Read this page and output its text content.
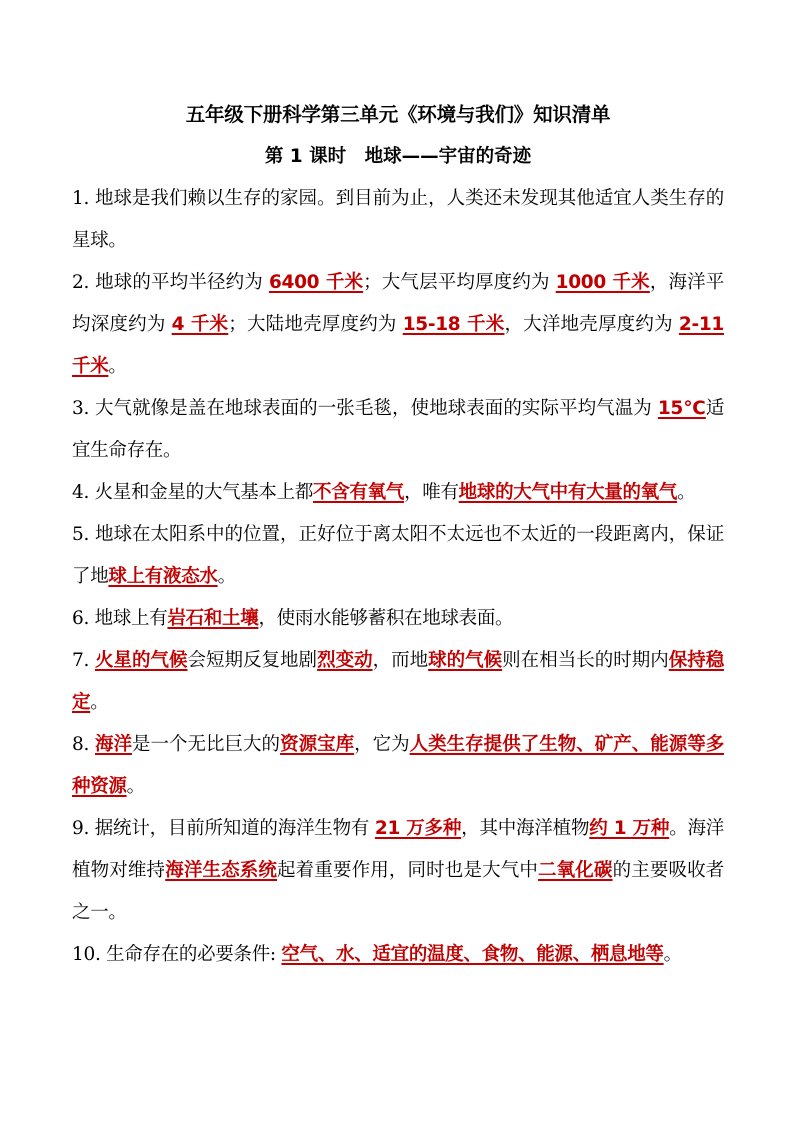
五年级下册科学第三单元《环境与我们》知识清单
第 1 课时　地球——宇宙的奇迹
1. 地球是我们赖以生存的家园。到目前为止，人类还未发现其他适宜人类生存的星球。
2. 地球的平均半径约为 6400 千米；大气层平均厚度约为 1000 千米，海洋平均深度约为 4 千米；大陆地壳厚度约为 15-18 千米，大洋地壳厚度约为 2-11 千米。
3. 大气就像是盖在地球表面的一张毛毯，使地球表面的实际平均气温为 15℃适宜生命存在。
4. 火星和金星的大气基本上都不含有氧气，唯有地球的大气中有大量的氧气。
5. 地球在太阳系中的位置，正好位于离太阳不太远也不太近的一段距离内，保证了地球上有液态水。
6. 地球上有岩石和土壤，使雨水能够蓄积在地球表面。
7. 火星的气候会短期反复地剧烈变动，而地球的气候则在相当长的时期内保持稳定。
8. 海洋是一个无比巨大的资源宝库，它为人类生存提供了生物、矿产、能源等多种资源。
9. 据统计，目前所知道的海洋生物有 21 万多种，其中海洋植物约 1 万种。海洋植物对维持海洋生态系统起着重要作用，同时也是大气中二氧化碳的主要吸收者之一。
10. 生命存在的必要条件: 空气、水、适宜的温度、食物、能源、栖息地等。
